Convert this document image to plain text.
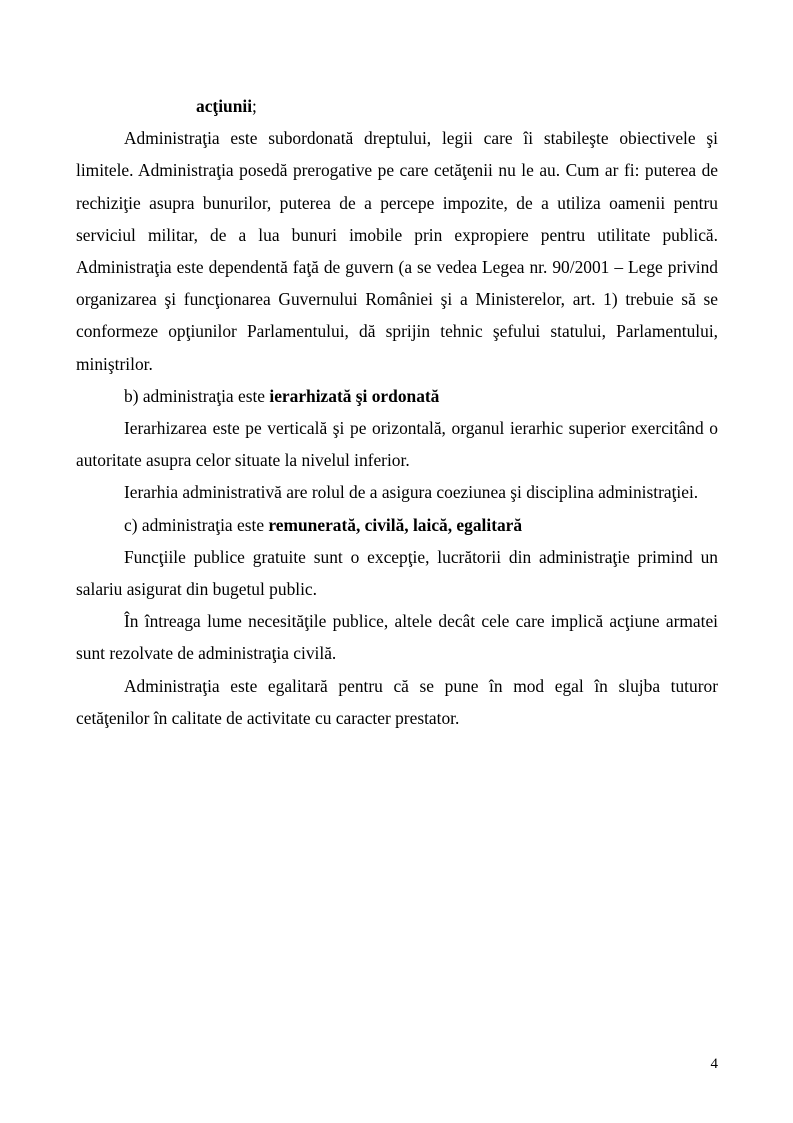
acţiunii;

Administraţia este subordonată dreptului, legii care îi stabileşte obiectivele şi limitele. Administraţia posedă prerogative pe care cetăţenii nu le au. Cum ar fi: puterea de rechiziţie asupra bunurilor, puterea de a percepe impozite, de a utiliza oamenii pentru serviciul militar, de a lua bunuri imobile prin expropiere pentru utilitate publică. Administraţia este dependentă faţă de guvern (a se vedea Legea nr. 90/2001 – Lege privind organizarea şi funcţionarea Guvernului României şi a Ministerelor, art. 1) trebuie să se conformeze opţiunilor Parlamentului, dă sprijin tehnic şefului statului, Parlamentului, miniştrilor.

b) administraţia este ierarhizată şi ordonată

Ierarhizarea este pe verticală şi pe orizontală, organul ierarhic superior exercitând o autoritate asupra celor situate la nivelul inferior.

Ierarhia administrativă are rolul de a asigura coeziunea şi disciplina administraţiei.

c) administraţia este remunerată, civilă, laică, egalitară

Funcţiile publice gratuite sunt o excepţie, lucrătorii din administraţie primind un salariu asigurat din bugetul public.

În întreaga lume necesităţile publice, altele decât cele care implică acţiune armatei sunt rezolvate de administraţia civilă.

Administraţia este egalitară pentru că se pune în mod egal în slujba tuturor cetăţenilor în calitate de activitate cu caracter prestator.

4
